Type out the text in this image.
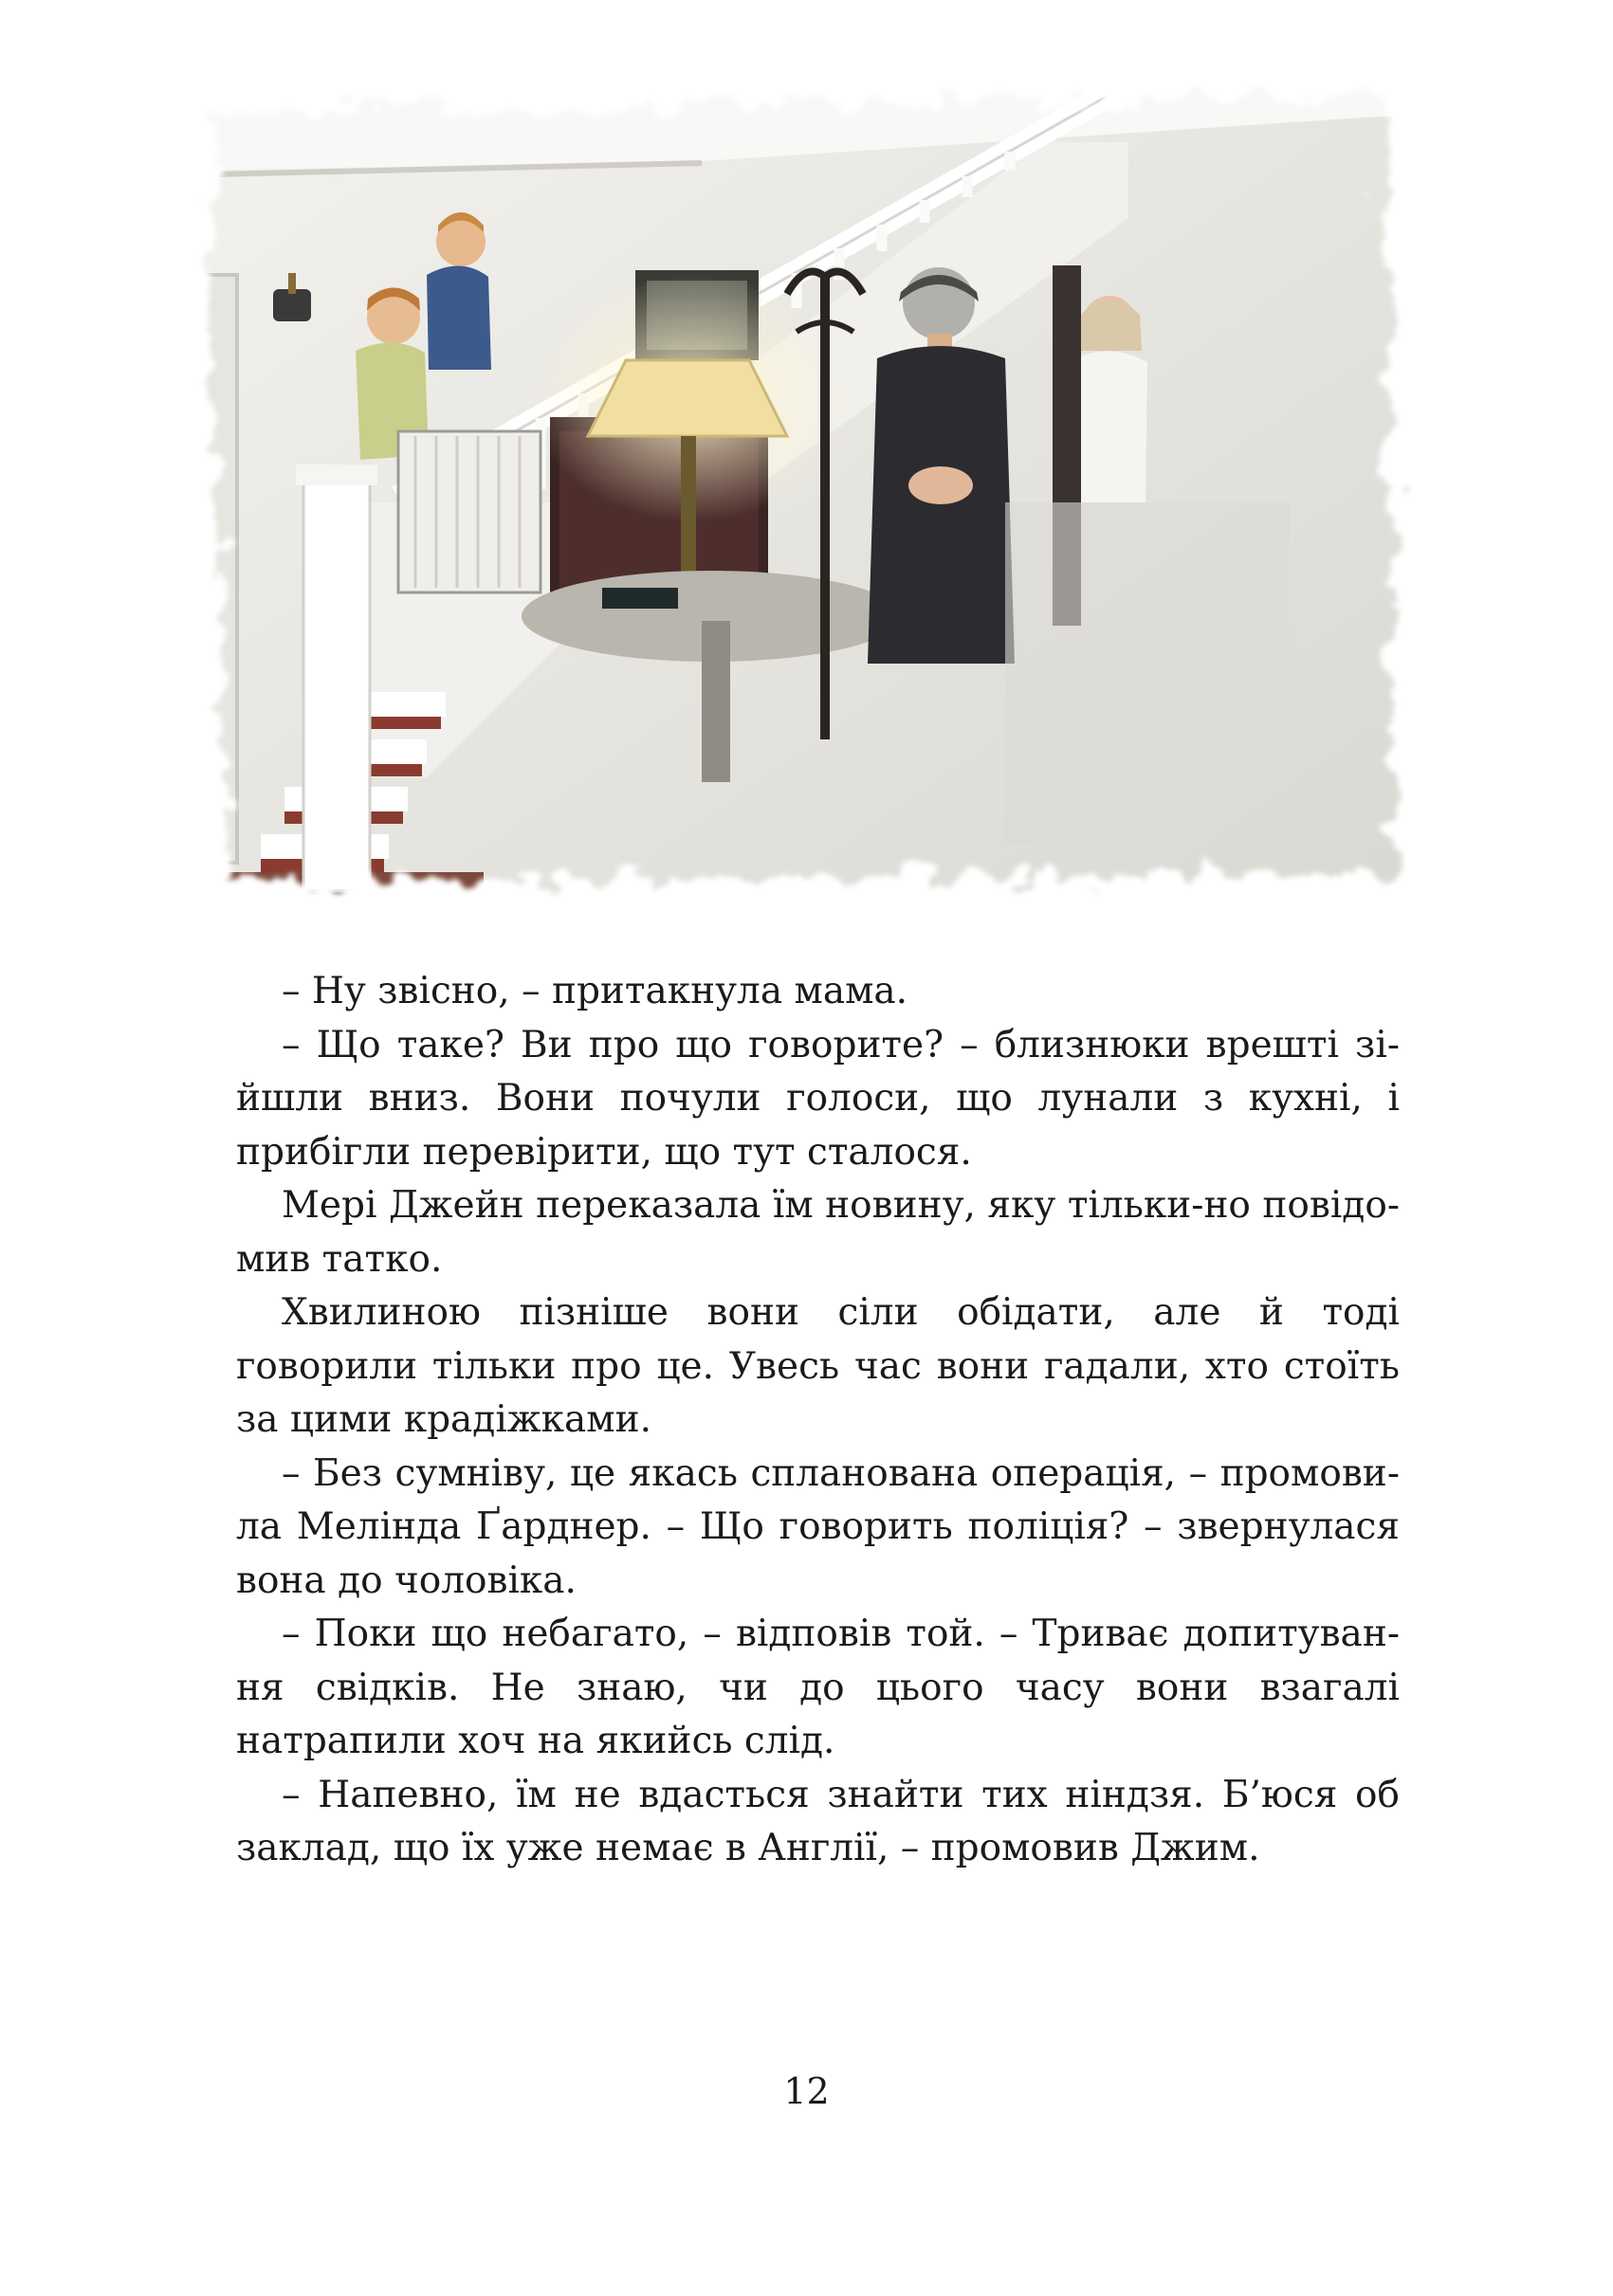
– Ну звісно, – притакнула мама.

– Що таке? Ви про що говорите? – близнюки врешті зійшли вниз. Вони почули голоси, що лунали з кухні, і прибігли перевірити, що тут сталося.

Мері Джейн переказала їм новину, яку тільки-но повідомив татко.

Хвилиною пізніше вони сіли обідати, але й тоді говорили тільки про це. Увесь час вони гадали, хто стоїть за цими крадіжками.

– Без сумніву, це якась спланована операція, – промовила Мелінда Ґарднер. – Що говорить поліція? – звернулася вона до чоловіка.

– Поки що небагато, – відповів той. – Триває допитування свідків. Не знаю, чи до цього часу вони взагалі натрапили хоч на якийсь слід.

– Напевно, їм не вдасться знайти тих ніндзя. Б’юся об заклад, що їх уже немає в Англії, – промовив Джим.

12
